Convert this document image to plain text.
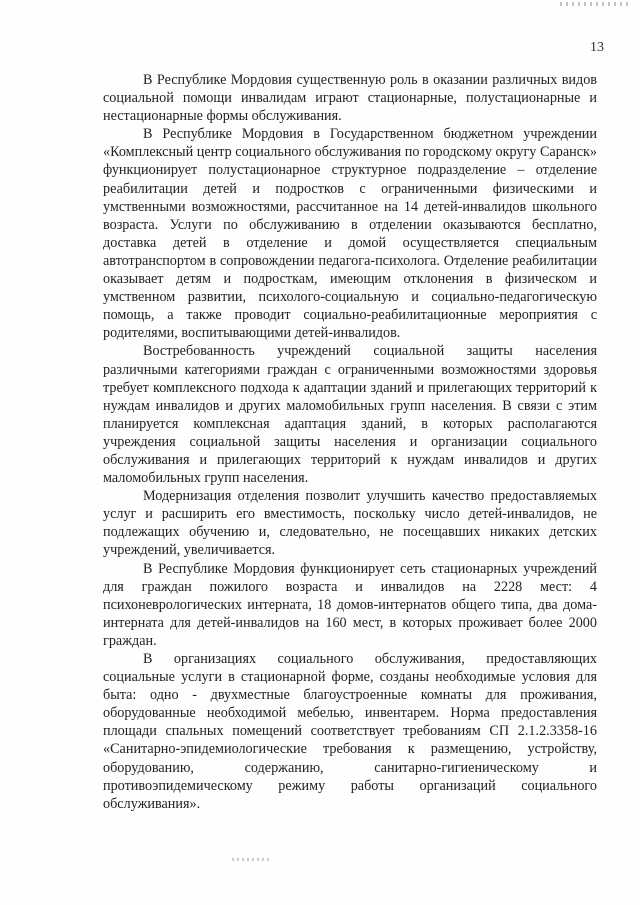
13

В Республике Мордовия существенную роль в оказании различных видов социальной помощи инвалидам играют стационарные, полустационарные и нестационарные формы обслуживания.

В Республике Мордовия в Государственном бюджетном учреждении «Комплексный центр социального обслуживания по городскому округу Саранск» функционирует полустационарное структурное подразделение – отделение реабилитации детей и подростков с ограниченными физическими и умственными возможностями, рассчитанное на 14 детей-инвалидов школьного возраста. Услуги по обслуживанию в отделении оказываются бесплатно, доставка детей в отделение и домой осуществляется специальным автотранспортом в сопровождении педагога-психолога. Отделение реабилитации оказывает детям и подросткам, имеющим отклонения в физическом и умственном развитии, психолого-социальную и социально-педагогическую помощь, а также проводит социально-реабилитационные мероприятия с родителями, воспитывающими детей-инвалидов.

Востребованность учреждений социальной защиты населения различными категориями граждан с ограниченными возможностями здоровья требует комплексного подхода к адаптации зданий и прилегающих территорий к нуждам инвалидов и других маломобильных групп населения. В связи с этим планируется комплексная адаптация зданий, в которых располагаются учреждения социальной защиты населения и организации социального обслуживания и прилегающих территорий к нуждам инвалидов и других маломобильных групп населения.

Модернизация отделения позволит улучшить качество предоставляемых услуг и расширить его вместимость, поскольку число детей-инвалидов, не подлежащих обучению и, следовательно, не посещавших никаких детских учреждений, увеличивается.

В Республике Мордовия функционирует сеть стационарных учреждений для граждан пожилого возраста и инвалидов на 2228 мест: 4 психоневрологических интерната, 18 домов-интернатов общего типа, два дома-интерната для детей-инвалидов на 160 мест, в которых проживает более 2000 граждан.

В организациях социального обслуживания, предоставляющих социальные услуги в стационарной форме, созданы необходимые условия для быта: одно - двухместные благоустроенные комнаты для проживания, оборудованные необходимой мебелью, инвентарем. Норма предоставления площади спальных помещений соответствует требованиям СП 2.1.2.3358-16 «Санитарно-эпидемиологические требования к размещению, устройству, оборудованию, содержанию, санитарно-гигиеническому и противоэпидемическому режиму работы организаций социального обслуживания».
